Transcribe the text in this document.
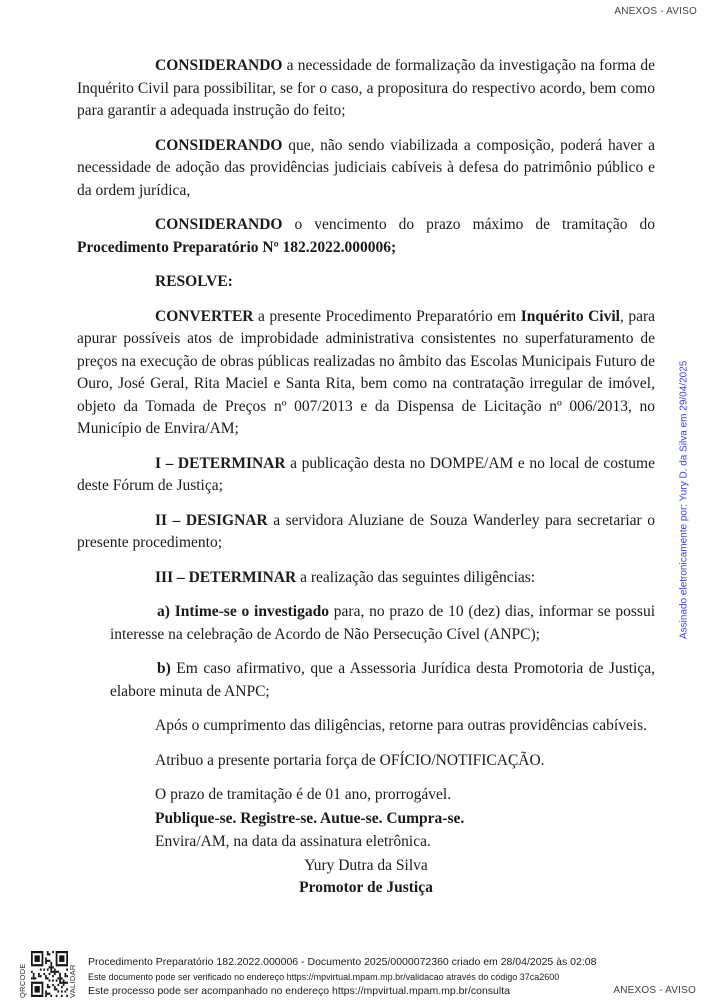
ANEXOS - AVISO

CONSIDERANDO a necessidade de formalização da investigação na forma de Inquérito Civil para possibilitar, se for o caso, a propositura do respectivo acordo, bem como para garantir a adequada instrução do feito;

CONSIDERANDO que, não sendo viabilizada a composição, poderá haver a necessidade de adoção das providências judiciais cabíveis à defesa do patrimônio público e da ordem jurídica,

CONSIDERANDO o vencimento do prazo máximo de tramitação do Procedimento Preparatório Nº 182.2022.000006;

RESOLVE:

CONVERTER a presente Procedimento Preparatório em Inquérito Civil, para apurar possíveis atos de improbidade administrativa consistentes no superfaturamento de preços na execução de obras públicas realizadas no âmbito das Escolas Municipais Futuro de Ouro, José Geral, Rita Maciel e Santa Rita, bem como na contratação irregular de imóvel, objeto da Tomada de Preços nº 007/2013 e da Dispensa de Licitação nº 006/2013, no Município de Envira/AM;

I – DETERMINAR a publicação desta no DOMPE/AM e no local de costume deste Fórum de Justiça;

II – DESIGNAR a servidora Aluziane de Souza Wanderley para secretariar o presente procedimento;

III – DETERMINAR a realização das seguintes diligências:

a) Intime-se o investigado para, no prazo de 10 (dez) dias, informar se possui interesse na celebração de Acordo de Não Persecução Cível (ANPC);

b) Em caso afirmativo, que a Assessoria Jurídica desta Promotoria de Justiça, elabore minuta de ANPC;

Após o cumprimento das diligências, retorne para outras providências cabíveis.

Atribuo a presente portaria força de OFÍCIO/NOTIFICAÇÃO.

O prazo de tramitação é de 01 ano, prorrogável.

Publique-se. Registre-se. Autue-se. Cumpra-se.

Envira/AM, na data da assinatura eletrônica.

Yury Dutra da Silva

Promotor de Justiça

Assinado eletronicamente por: Yury D. da Silva em 29/04/2025
QRCODE	VALIDAR
Procedimento Preparatório 182.2022.000006 - Documento 2025/0000072360 criado em 28/04/2025 às 02:08
Este documento pode ser verificado no endereço https://mpvirtual.mpam.mp.br/validacao através do código 37ca2600
Este processo pode ser acompanhado no endereço https://mpvirtual.mpam.mp.br/consulta	ANEXOS - AVISO
